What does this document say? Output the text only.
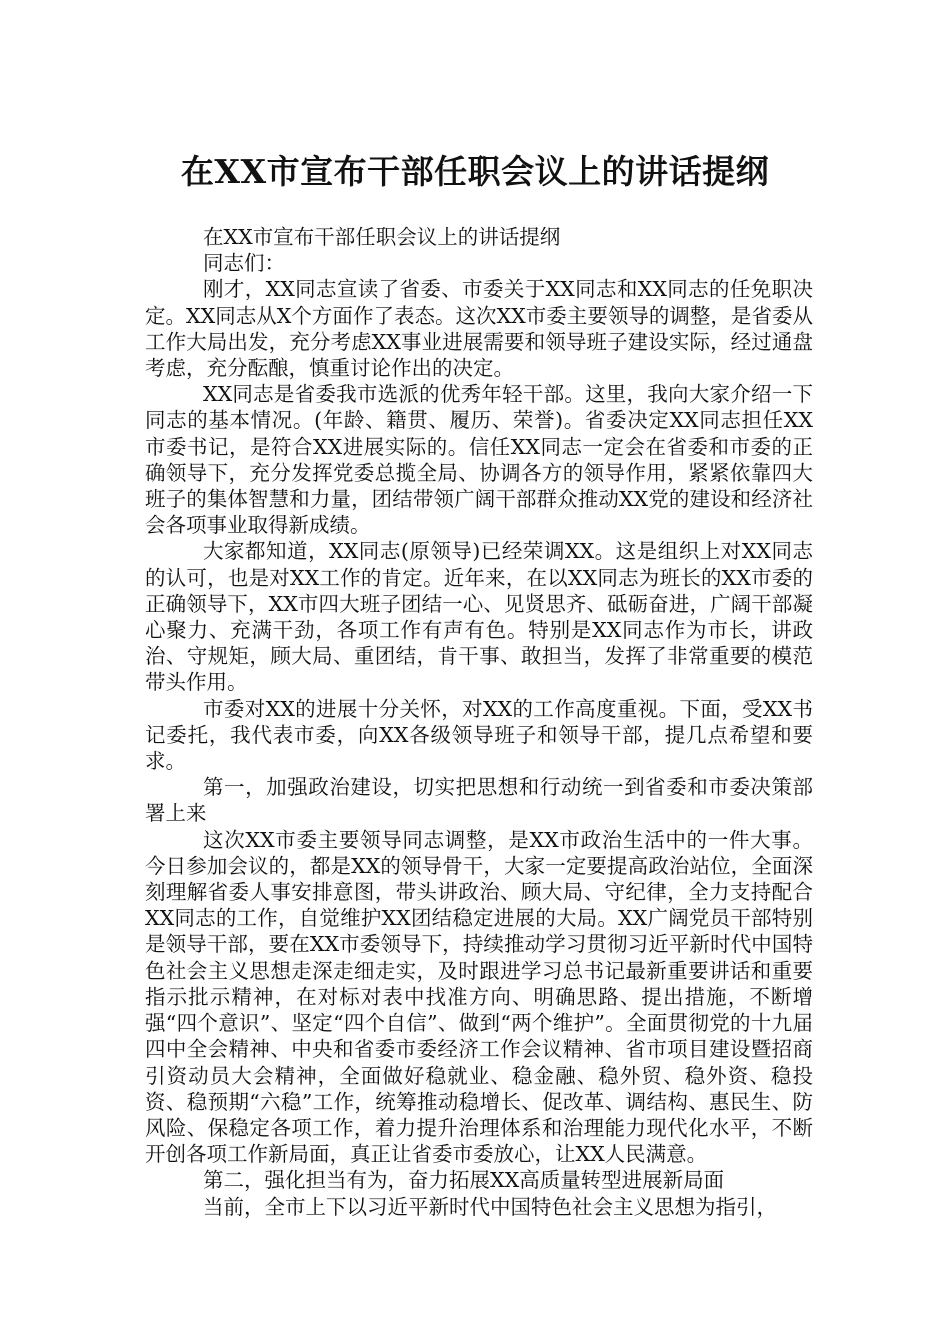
在XX市宣布干部任职会议上的讲话提纲

在XX市宣布干部任职会议上的讲话提纲

同志们：

刚才，XX同志宣读了省委、市委关于XX同志和XX同志的任免职决定。XX同志从X个方面作了表态。这次XX市委主要领导的调整，是省委从工作大局出发，充分考虑XX事业进展需要和领导班子建设实际，经过通盘考虑，充分酝酿，慎重讨论作出的决定。

XX同志是省委我市选派的优秀年轻干部。这里，我向大家介绍一下 同志的基本情况。(年龄、籍贯、履历、荣誉)。省委决定XX同志担任XX市委书记，是符合XX进展实际的。信任XX同志一定会在省委和市委的正确领导下，充分发挥党委总揽全局、协调各方的领导作用，紧紧依靠四大班子的集体智慧和力量，团结带领广阔干部群众推动XX党的建设和经济社会各项事业取得新成绩。

大家都知道，XX同志(原领导)已经荣调XX。这是组织上对XX同志的认可，也是对XX工作的肯定。近年来，在以XX同志为班长的XX市委的正确领导下，XX市四大班子团结一心、见贤思齐、砥砺奋进，广阔干部凝心聚力、充满干劲，各项工作有声有色。特别是XX同志作为市长，讲政治、守规矩，顾大局、重团结，肯干事、敢担当，发挥了非常重要的模范带头作用。

市委对XX的进展十分关怀，对XX的工作高度重视。下面，受XX书记委托，我代表市委，向XX各级领导班子和领导干部，提几点希望和要求。

第一，加强政治建设，切实把思想和行动统一到省委和市委决策部署上来

这次XX市委主要领导同志调整，是XX市政治生活中的一件大事。今日参加会议的，都是XX的领导骨干，大家一定要提高政治站位，全面深刻理解省委人事安排意图，带头讲政治、顾大局、守纪律，全力支持配合XX同志的工作，自觉维护XX团结稳定进展的大局。XX广阔党员干部特别是领导干部，要在XX市委领导下，持续推动学习贯彻习近平新时代中国特色社会主义思想走深走细走实，及时跟进学习总书记最新重要讲话和重要指示批示精神，在对标对表中找准方向、明确思路、提出措施，不断增强“四个意识”、坚定“四个自信”、做到“两个维护”。全面贯彻党的十九届四中全会精神、中央和省委市委经济工作会议精神、省市项目建设暨招商引资动员大会精神，全面做好稳就业、稳金融、稳外贸、稳外资、稳投资、稳预期“六稳”工作，统筹推动稳增长、促改革、调结构、惠民生、防风险、保稳定各项工作，着力提升治理体系和治理能力现代化水平，不断开创各项工作新局面，真正让省委市委放心，让XX人民满意。

第二，强化担当有为，奋力拓展XX高质量转型进展新局面

当前，全市上下以习近平新时代中国特色社会主义思想为指引，
